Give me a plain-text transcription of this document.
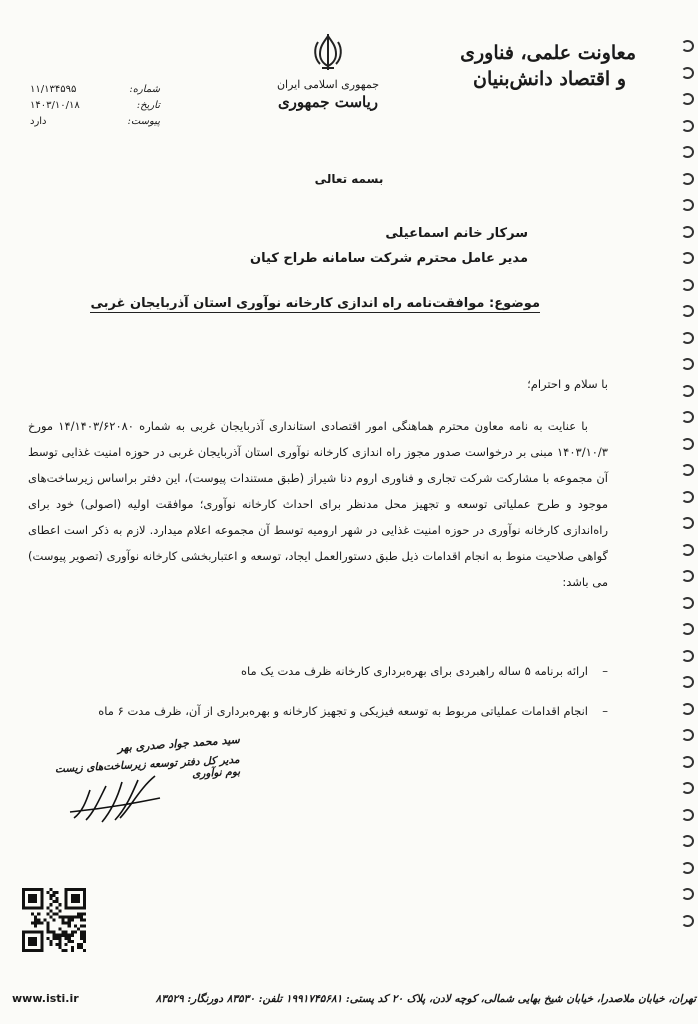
معاونت علمی، فناوری
و اقتصاد دانش‌بنیان
جمهوری اسلامی ایران
ریاست جمهوری
شماره:
۱۱/۱۳۴۵۹۵
تاریخ:
۱۴۰۳/۱۰/۱۸
پیوست:
دارد
بسمه تعالی
سرکار خانم اسماعیلی
مدیر عامل محترم شرکت سامانه طراح کیان
موضوع: موافقت‌نامه راه اندازی کارخانه نوآوری استان آذربایجان غربی
با سلام و احترام؛

با عنایت به نامه معاون محترم هماهنگی امور اقتصادی استانداری آذربایجان غربی به شماره ۱۴/۱۴۰۳/۶۲۰۸۰ مورخ ۱۴۰۳/۱۰/۳ مبنی بر درخواست صدور مجوز راه اندازی کارخانه نوآوری استان آذربایجان غربی در حوزه امنیت غذایی توسط آن مجموعه با مشارکت شرکت تجاری و فناوری اروم دنا شیراز (طبق مستندات پیوست)، این دفتر براساس زیرساخت‌های موجود و طرح عملیاتی توسعه و تجهیز محل مدنظر برای احداث کارخانه نوآوری؛ موافقت اولیه (اصولی) خود برای راه‌اندازی کارخانه نوآوری در حوزه امنیت غذایی در شهر ارومیه توسط آن مجموعه اعلام میدارد. لازم به ذکر است اعطای گواهی صلاحیت منوط به انجام اقدامات ذیل طبق دستورالعمل ایجاد، توسعه و اعتباربخشی کارخانه نوآوری (تصویر پیوست) می باشد:

– ارائه برنامه ۵ ساله راهبردی برای بهره‌برداری کارخانه ظرف مدت یک ماه
– انجام اقدامات عملیاتی مربوط به توسعه فیزیکی و تجهیز کارخانه و بهره‌برداری از آن، ظرف مدت ۶ ماه
سید محمد جواد صدری بهر
مدیر کل دفتر توسعه زیرساخت‌های زیست بوم نوآوری
تهران، خیابان ملاصدرا، خیابان شیخ بهایی شمالی، کوچه لادن، پلاک ۲۰ کد پستی: ۱۹۹۱۷۴۵۶۸۱ تلفن: ۸۳۵۳۰ دورنگار: ۸۳۵۲۹
www.isti.ir
